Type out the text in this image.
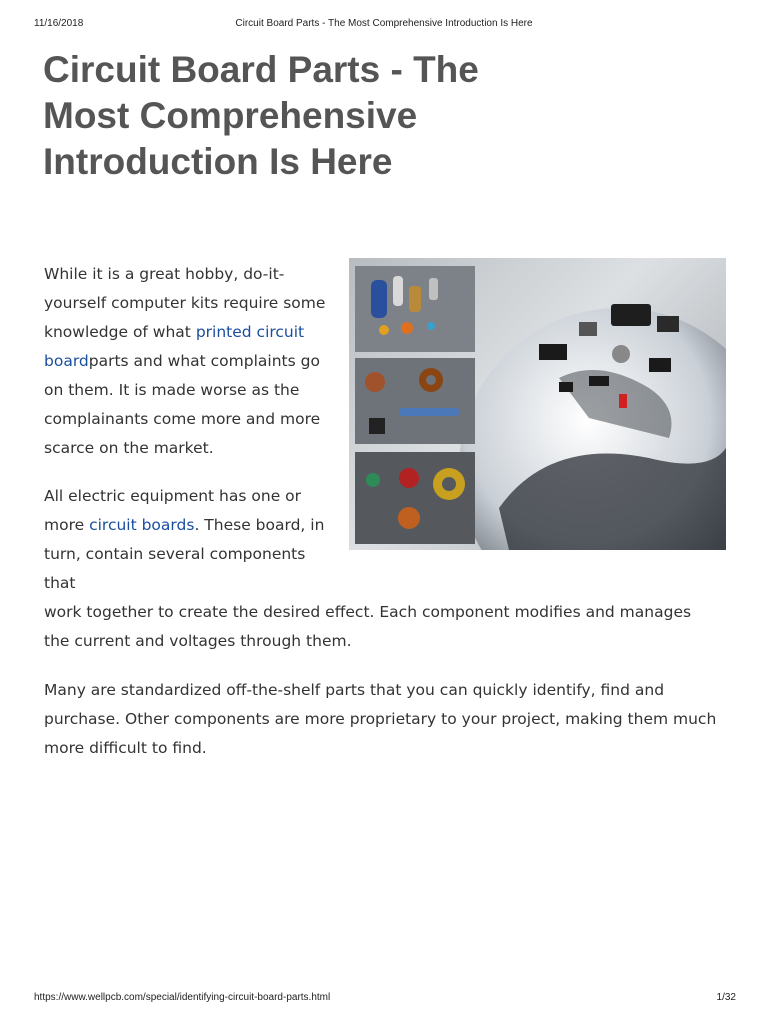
11/16/2018	Circuit Board Parts - The Most Comprehensive Introduction Is Here
Circuit Board Parts - The Most Comprehensive Introduction Is Here

While it is a great hobby, do-it-yourself computer kits require some knowledge of what printed circuit boardparts and what complaints go on them. It is made worse as the complainants come more and more scarce on the market.

All electric equipment has one or more circuit boards. These board, in turn, contain several components that
work together to create the desired effect. Each component modifies and manages the current and voltages through them.

Many are standardized off-the-shelf parts that you can quickly identify, find and purchase. Other components are more proprietary to your project, making them much more difficult to find.

https://www.wellpcb.com/special/identifying-circuit-board-parts.html	1/32
